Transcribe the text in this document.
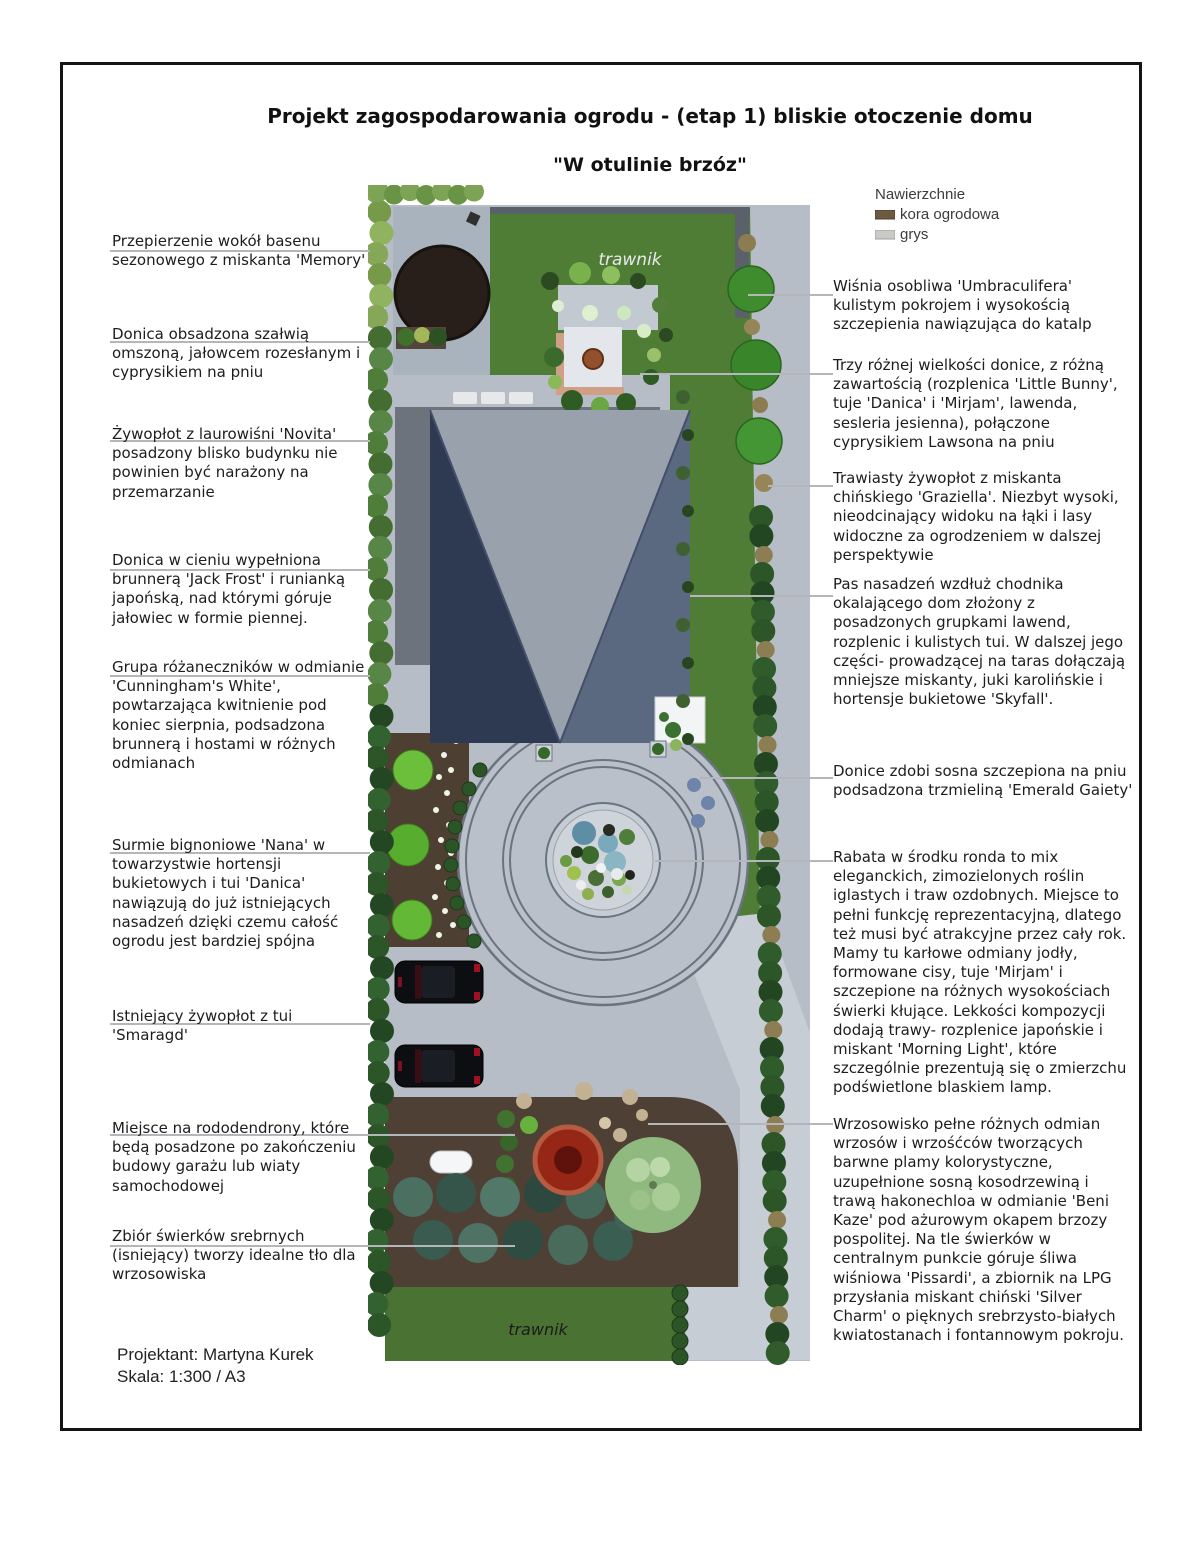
Projekt zagospodarowania ogrodu - (etap 1) bliskie otoczenie domu
"W otulinie brzóz"
Nawierzchnie
kora ogrodowa
grys
trawnik
trawnik
Przepierzenie wokół basenu sezonowego z miskanta 'Memory'
Donica obsadzona szałwią omszoną, jałowcem rozesłanym i cyprysikiem na pniu
Żywopłot z laurowiśni 'Novita' posadzony blisko budynku nie powinien być narażony na przemarzanie
Donica w cieniu wypełniona brunnerą 'Jack Frost' i runianką japońską, nad którymi góruje jałowiec w formie piennej.
Grupa różaneczników w odmianie 'Cunningham's White', powtarzająca kwitnienie pod koniec sierpnia, podsadzona brunnerą i hostami w różnych odmianach
Surmie bignoniowe 'Nana' w towarzystwie hortensji bukietowych i tui 'Danica' nawiązują do już istniejących nasadzeń dzięki czemu całość ogrodu jest bardziej spójna
Istniejący żywopłot z tui 'Smaragd'
Miejsce na rododendrony, które będą posadzone po zakończeniu budowy garażu lub wiaty samochodowej
Zbiór świerków srebrnych (isniejący) tworzy idealne tło dla wrzosowiska
Wiśnia osobliwa 'Umbraculifera' kulistym pokrojem i wysokością szczepienia nawiązująca do katalp
Trzy różnej wielkości donice, z różną zawartością (rozplenica 'Little Bunny', tuje 'Danica' i 'Mirjam', lawenda, sesleria jesienna), połączone cyprysikiem Lawsona na pniu
Trawiasty żywopłot z miskanta chińskiego 'Graziella'. Niezbyt wysoki, nieodcinający widoku na łąki i lasy widoczne za ogrodzeniem w dalszej perspektywie
Pas nasadzeń wzdłuż chodnika okalającego dom złożony z posadzonych grupkami lawend, rozplenic i kulistych tui. W dalszej jego części- prowadzącej na taras dołączają mniejsze miskanty, juki karolińskie i hortensje bukietowe 'Skyfall'.
Donice zdobi sosna szczepiona na pniu podsadzona trzmieliną 'Emerald Gaiety'
Rabata w środku ronda to mix eleganckich, zimozielonych roślin iglastych i traw ozdobnych. Miejsce to pełni funkcję reprezentacyjną, dlatego też musi być atrakcyjne przez cały rok. Mamy tu karłowe odmiany jodły, formowane cisy, tuje 'Mirjam' i szczepione na różnych wysokościach świerki kłujące. Lekkości kompozycji dodają trawy- rozplenice japońskie i miskant 'Morning Light', które szczególnie prezentują się o zmierzchu podświetlone blaskiem lamp.
Wrzosowisko pełne różnych odmian wrzosów i wrzośćców tworzących barwne plamy kolorystyczne, uzupełnione sosną kosodrzewiną i trawą hakonechloa w odmianie 'Beni Kaze' pod ażurowym okapem brzozy pospolitej. Na tle świerków w centralnym punkcie góruje śliwa wiśniowa 'Pissardi', a zbiornik na LPG przysłania miskant chiński 'Silver Charm' o pięknych srebrzysto-białych kwiatostanach i fontannowym pokroju.
Projektant: Martyna Kurek
Skala: 1:300 / A3
